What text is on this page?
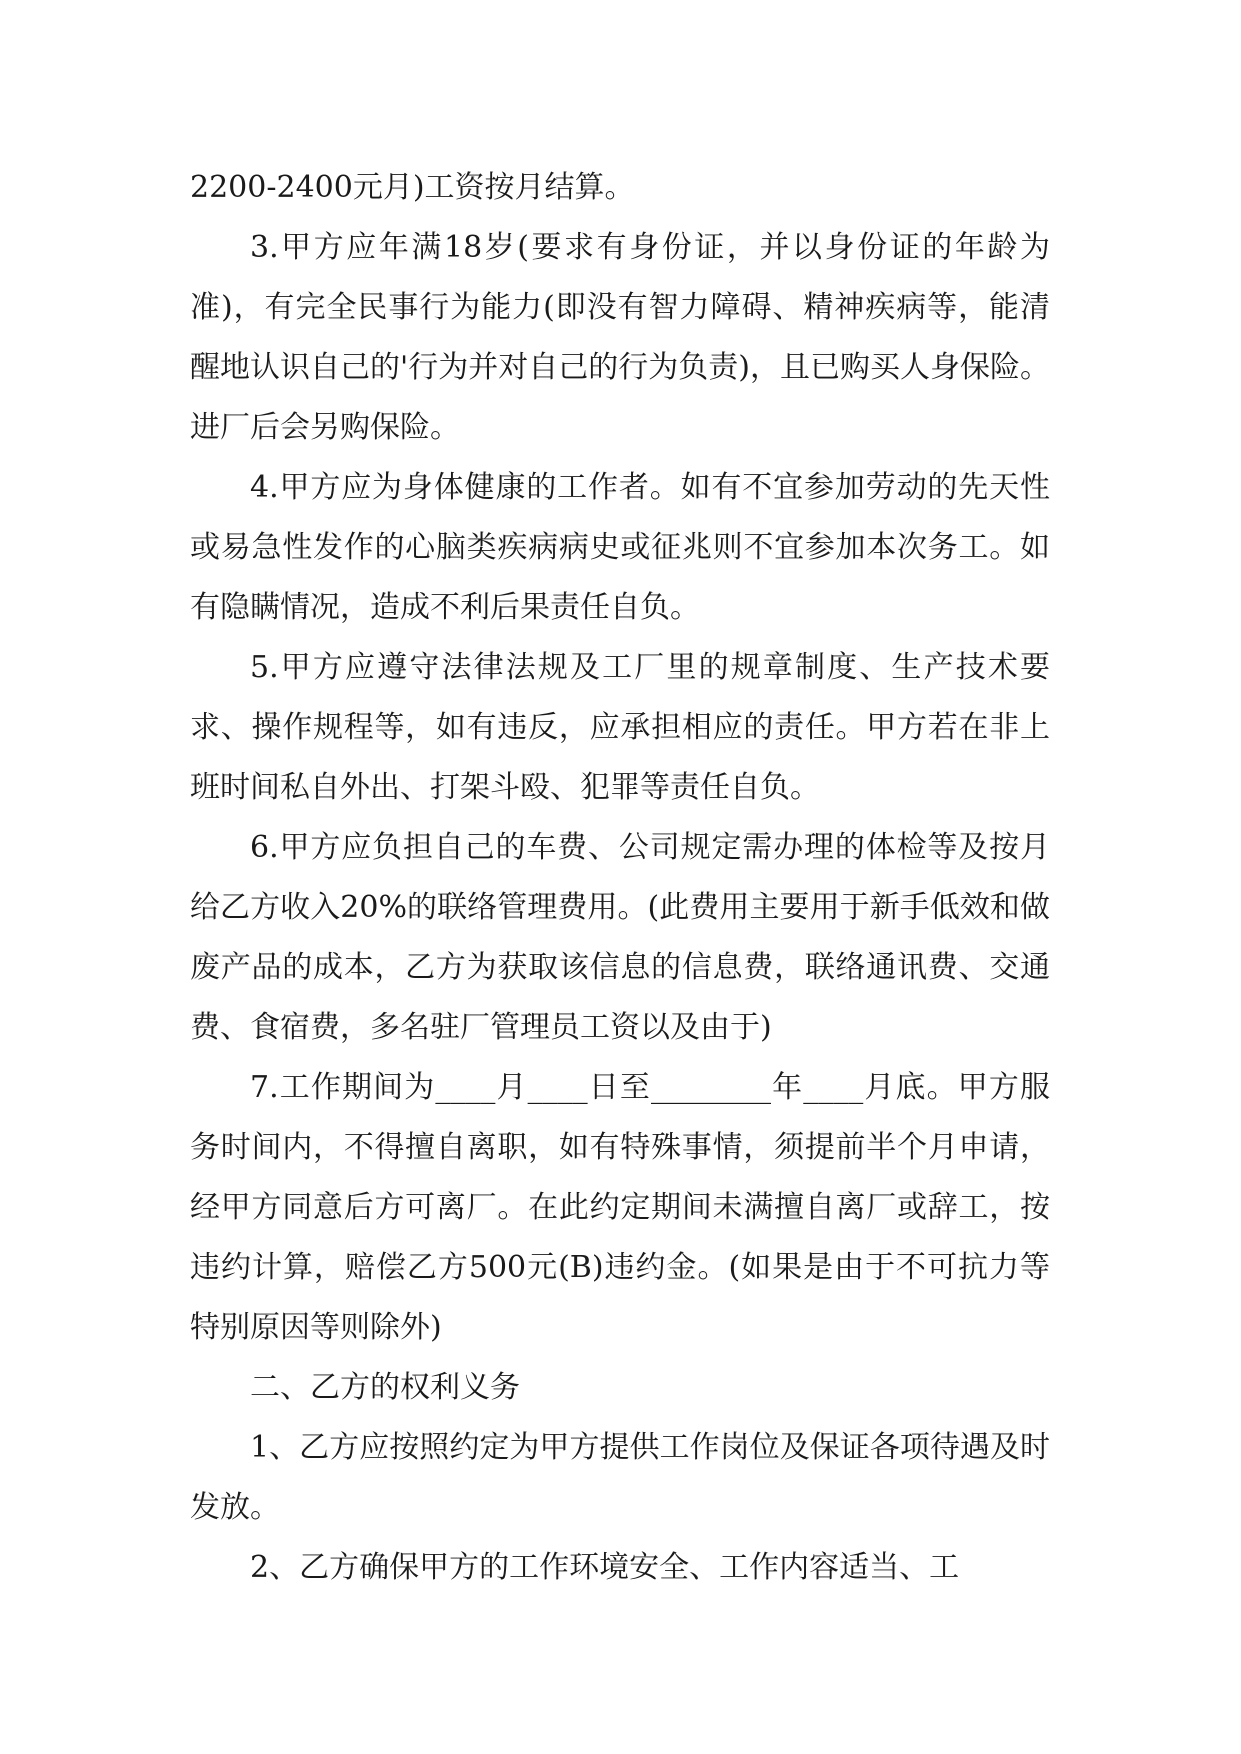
2200-2400元月)工资按月结算。

3.甲方应年满18岁(要求有身份证，并以身份证的年龄为准)，有完全民事行为能力(即没有智力障碍、精神疾病等，能清醒地认识自己的'行为并对自己的行为负责)，且已购买人身保险。进厂后会另购保险。

4.甲方应为身体健康的工作者。如有不宜参加劳动的先天性或易急性发作的心脑类疾病病史或征兆则不宜参加本次务工。如有隐瞒情况，造成不利后果责任自负。

5.甲方应遵守法律法规及工厂里的规章制度、生产技术要求、操作规程等，如有违反，应承担相应的责任。甲方若在非上班时间私自外出、打架斗殴、犯罪等责任自负。

6.甲方应负担自己的车费、公司规定需办理的体检等及按月给乙方收入20%的联络管理费用。(此费用主要用于新手低效和做废产品的成本，乙方为获取该信息的信息费，联络通讯费、交通费、食宿费，多名驻厂管理员工资以及由于)

7.工作期间为____月____日至________年____月底。甲方服务时间内，不得擅自离职，如有特殊事情，须提前半个月申请，经甲方同意后方可离厂。在此约定期间未满擅自离厂或辞工，按违约计算，赔偿乙方500元(B)违约金。(如果是由于不可抗力等特别原因等则除外)

二、乙方的权利义务

1、乙方应按照约定为甲方提供工作岗位及保证各项待遇及时发放。

2、乙方确保甲方的工作环境安全、工作内容适当、工
